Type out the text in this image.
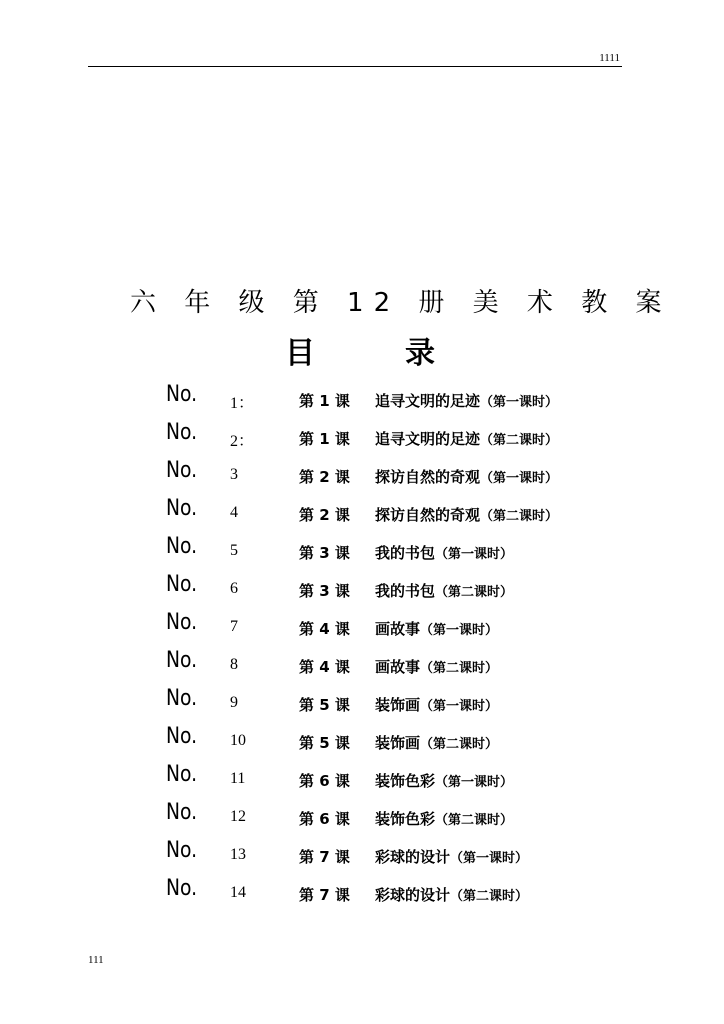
1111
六 年 级 第 12 册 美 术 教 案
目	录
No. 1：	第 1 课 追寻文明的足迹（第一课时）
No. 2：	第 1 课 追寻文明的足迹（第二课时）
No. 3	第 2 课 探访自然的奇观（第一课时）
No. 4	第 2 课 探访自然的奇观（第二课时）
No. 5	第 3 课 我的书包（第一课时）
No. 6	第 3 课 我的书包（第二课时）
No. 7	第 4 课 画故事（第一课时）
No. 8	第 4 课 画故事（第二课时）
No. 9	第 5 课 装饰画（第一课时）
No. 10	第 5 课 装饰画（第二课时）
No. 11	第 6 课 装饰色彩（第一课时）
No. 12	第 6 课 装饰色彩（第二课时）
No. 13	第 7 课 彩球的设计（第一课时）
No. 14	第 7 课 彩球的设计（第二课时）
111
